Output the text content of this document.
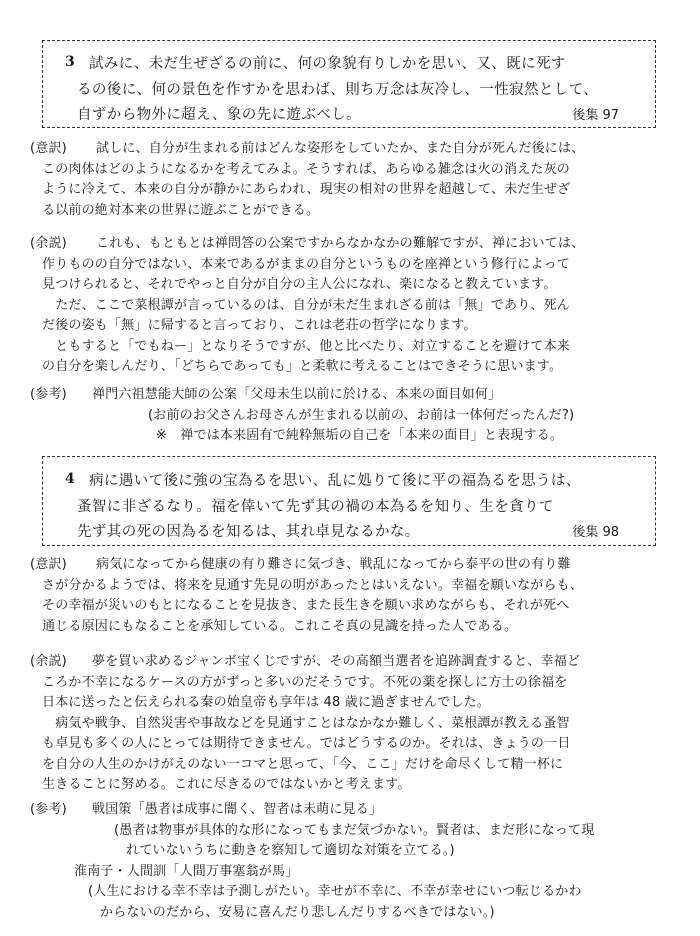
3 試みに、未だ生ぜざるの前に、何の象貌有りしかを思い、又、既に死す
るの後に、何の景色を作すかを思わば、則ち万念は灰冷し、一性寂然として、
自ずから物外に超え、象の先に遊ぶべし。	後集 97
(意訳)	試しに、自分が生まれる前はどんな姿形をしていたか、また自分が死んだ後には、

この肉体はどのようになるかを考えてみよ。そうすれば、あらゆる雑念は火の消えた灰の

ように冷えて、本来の自分が静かにあらわれ、現実の相対の世界を超越して、未だ生ぜざ

る以前の絶対本来の世界に遊ぶことができる。

(余説)	これも、もともとは禅問答の公案ですからなかなかの難解ですが、禅においては、

作りものの自分ではない、本来であるがままの自分というものを座禅という修行によって

見つけられると、それでやっと自分が自分の主人公になれ、楽になると教えています。

　ただ、ここで菜根譚が言っているのは、自分が未だ生まれざる前は「無」であり、死ん

だ後の姿も「無」に帰すると言っており、これは老荘の哲学になります。

　ともすると「でもねー」となりそうですが、他と比べたり、対立することを避けて本来

の自分を楽しんだり、「どちらであっても」と柔軟に考えることはできそうに思います。

(参考)	禅門六祖慧能大師の公案「父母未生以前に於ける、本来の面目如何」

(お前のお父さんお母さんが生まれる以前の、お前は一体何だったんだ?)

※　禅では本来固有で純粋無垢の自己を「本来の面目」と表現する。

4 病に遇いて後に強の宝為るを思い、乱に処りて後に平の福為るを思うは、
蚤智に非ざるなり。福を倖いて先ず其の禍の本為るを知り、生を貪りて
先ず其の死の因為るを知るは、其れ卓見なるかな。	後集 98
(意訳)	病気になってから健康の有り難さに気づき、戦乱になってから泰平の世の有り難

さが分かるようでは、将来を見通す先見の明があったとはいえない。幸福を願いながらも、

その幸福が災いのもとになることを見抜き、また長生きを願い求めながらも、それが死へ

通じる原因にもなることを承知している。これこそ真の見識を持った人である。

(余説)	夢を買い求めるジャンボ宝くじですが、その高額当選者を追跡調査すると、幸福ど

ころか不幸になるケースの方がずっと多いのだそうです。不死の薬を探しに方士の徐福を

日本に送ったと伝えられる秦の始皇帝も享年は 48 歳に過ぎませんでした。

　病気や戦争、自然災害や事故などを見通すことはなかなか難しく、菜根譚が教える蚤智

も卓見も多くの人にとっては期待できません。ではどうするのか。それは、きょうの一日

を自分の人生のかけがえのない一コマと思って、「今、ここ」だけを命尽くして精一杯に

生きることに努める。これに尽きるのではないかと考えます。

(参考)	戦国策「愚者は成事に闇く、智者は未萌に見る」

(愚者は物事が具体的な形になってもまだ気づかない。賢者は、まだ形になって現

れていないうちに動きを察知して適切な対策を立てる。)

淮南子・人間訓「人間万事塞翁が馬」

(人生における幸不幸は予測しがたい。幸せが不幸に、不幸が幸せにいつ転じるかわ

からないのだから、安易に喜んだり悲しんだりするべきではない。)
